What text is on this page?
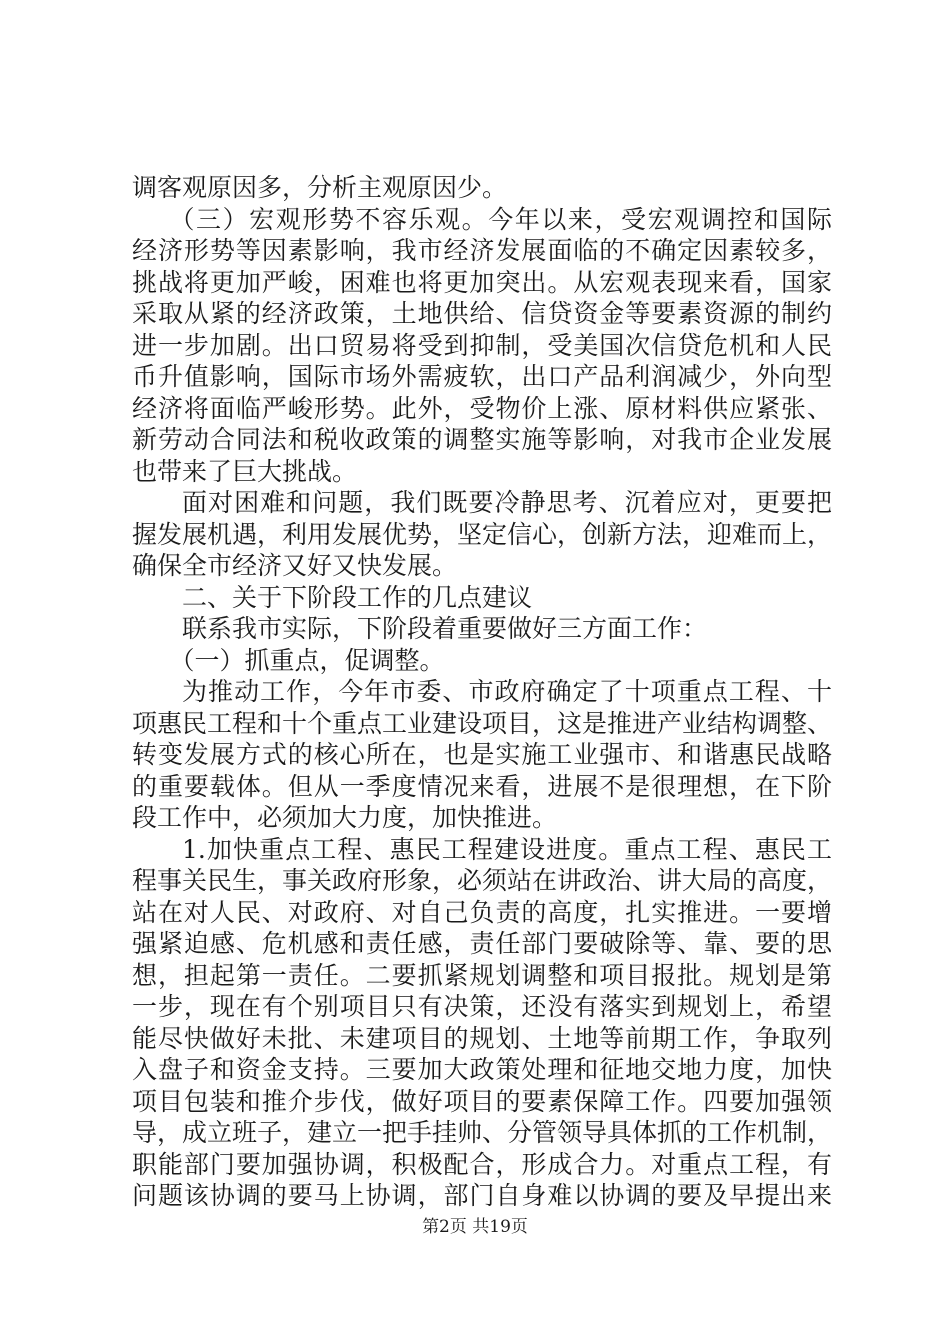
调客观原因多，分析主观原因少。
（三）宏观形势不容乐观。今年以来，受宏观调控和国际
经济形势等因素影响，我市经济发展面临的不确定因素较多，
挑战将更加严峻，困难也将更加突出。从宏观表现来看，国家
采取从紧的经济政策，土地供给、信贷资金等要素资源的制约
进一步加剧。出口贸易将受到抑制，受美国次信贷危机和人民
币升值影响，国际市场外需疲软，出口产品利润减少，外向型
经济将面临严峻形势。此外，受物价上涨、原材料供应紧张、
新劳动合同法和税收政策的调整实施等影响，对我市企业发展
也带来了巨大挑战。
面对困难和问题，我们既要冷静思考、沉着应对，更要把
握发展机遇，利用发展优势，坚定信心，创新方法，迎难而上，
确保全市经济又好又快发展。
二、关于下阶段工作的几点建议
联系我市实际，下阶段着重要做好三方面工作：
（一）抓重点，促调整。
为推动工作，今年市委、市政府确定了十项重点工程、十
项惠民工程和十个重点工业建设项目，这是推进产业结构调整、
转变发展方式的核心所在，也是实施工业强市、和谐惠民战略
的重要载体。但从一季度情况来看，进展不是很理想，在下阶
段工作中，必须加大力度，加快推进。
1.加快重点工程、惠民工程建设进度。重点工程、惠民工
程事关民生，事关政府形象，必须站在讲政治、讲大局的高度，
站在对人民、对政府、对自己负责的高度，扎实推进。一要增
强紧迫感、危机感和责任感，责任部门要破除等、靠、要的思
想，担起第一责任。二要抓紧规划调整和项目报批。规划是第
一步，现在有个别项目只有决策，还没有落实到规划上，希望
能尽快做好未批、未建项目的规划、土地等前期工作，争取列
入盘子和资金支持。三要加大政策处理和征地交地力度，加快
项目包装和推介步伐，做好项目的要素保障工作。四要加强领
导，成立班子，建立一把手挂帅、分管领导具体抓的工作机制，
职能部门要加强协调，积极配合，形成合力。对重点工程，有
问题该协调的要马上协调，部门自身难以协调的要及早提出来
第2页 共19页
